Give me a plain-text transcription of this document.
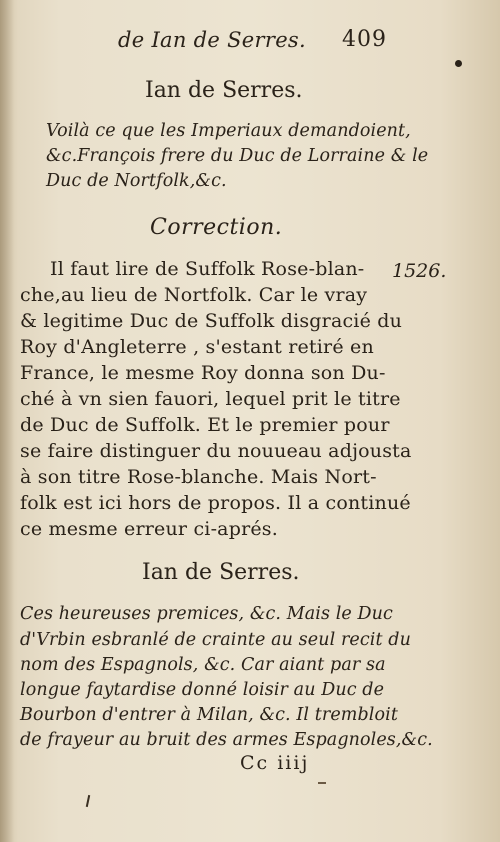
de Ian de Serres. 409
Ian de Serres.
Voilà ce que les Imperiaux demandoient,
&c.François frere du Duc de Lorraine & le
Duc de Nortfolk,&c.
Correction.
1526.
Il faut lire de Suffolk Rose-blan-
che,au lieu de Nortfolk. Car le vray
& legitime Duc de Suffolk disgracié du
Roy d'Angleterre , s'estant retiré en
France, le mesme Roy donna son Du-
ché à vn sien fauori, lequel prit le titre
de Duc de Suffolk. Et le premier pour
se faire distinguer du nouueau adjousta
à son titre Rose-blanche. Mais Nort-
folk est ici hors de propos. Il a continué
ce mesme erreur ci-aprés.
Ian de Serres.
Ces heureuses premices, &c. Mais le Duc
d'Vrbin esbranlé de crainte au seul recit du
nom des Espagnols, &c. Car aiant par sa
longue faytardise donné loisir au Duc de
Bourbon d'entrer à Milan, &c. Il trembloit
de frayeur au bruit des armes Espagnoles,&c.
Cc iiij
